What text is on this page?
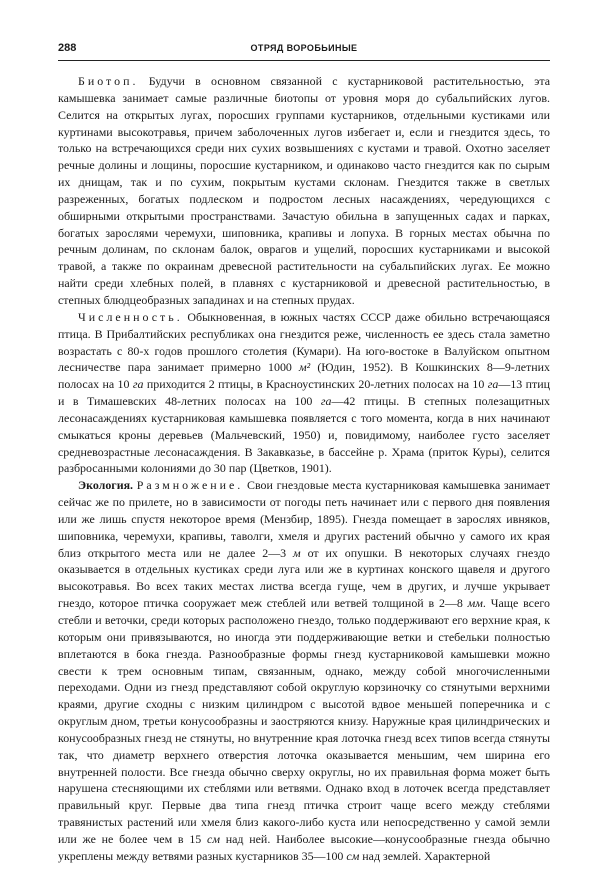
288	ОТРЯД ВОРОБЬИНЫЕ

Биотоп. Будучи в основном связанной с кустарниковой растительностью, эта камышевка занимает самые различные биотопы от уровня моря до субальпийских лугов. Селится на открытых лугах, поросших группами кустарников, отдельными кустиками или куртинами высокотравья, причем заболоченных лугов избегает и, если и гнездится здесь, то только на встречающихся среди них сухих возвышениях с кустами и травой. Охотно заселяет речные долины и лощины, поросшие кустарником, и одинаково часто гнездится как по сырым их днищам, так и по сухим, покрытым кустами склонам. Гнездится также в светлых разреженных, богатых подлеском и подростом лесных насаждениях, чередующихся с обширными открытыми пространствами. Зачастую обильна в запущенных садах и парках, богатых зарослями черемухи, шиповника, крапивы и лопуха. В горных местах обычна по речным долинам, по склонам балок, оврагов и ущелий, поросших кустарниками и высокой травой, а также по окраинам древесной растительности на субальпийских лугах. Ее можно найти среди хлебных полей, в плавнях с кустарниковой и древесной растительностью, в степных блюдцеобразных западинах и на степных прудах.

Численность. Обыкновенная, в южных частях СССР даже обильно встречающаяся птица. В Прибалтийских республиках она гнездится реже, численность ее здесь стала заметно возрастать с 80-х годов прошлого столетия (Кумари). На юго-востоке в Валуйском опытном лесничестве пара занимает примерно 1000 м² (Юдин, 1952). В Кошкинских 8—9-летних полосах на 10 га приходится 2 птицы, в Красноустинских 20-летних полосах на 10 га—13 птиц и в Тимашевских 48-летних полосах на 100 га—42 птицы. В степных полезащитных лесонасаждениях кустарниковая камышевка появляется с того момента, когда в них начинают смыкаться кроны деревьев (Мальчевский, 1950) и, повидимому, наиболее густо заселяет средневозрастные лесонасаждения. В Закавказье, в бассейне р. Храма (приток Куры), селится разбросанными колониями до 30 пар (Цветков, 1901).

Экология. Размножение. Свои гнездовые места кустарниковая камышевка занимает сейчас же по прилете, но в зависимости от погоды петь начинает или с первого дня появления или же лишь спустя некоторое время (Мензбир, 1895). Гнезда помещает в зарослях ивняков, шиповника, черемухи, крапивы, таволги, хмеля и других растений обычно у самого их края близ открытого места или не далее 2—3 м от их опушки. В некоторых случаях гнездо оказывается в отдельных кустиках среди луга или же в куртинах конского щавеля и другого высокотравья. Во всех таких местах листва всегда гуще, чем в других, и лучше укрывает гнездо, которое птичка сооружает меж стеблей или ветвей толщиной в 2—8 мм. Чаще всего стебли и веточки, среди которых расположено гнездо, только поддерживают его верхние края, к которым они привязываются, но иногда эти поддерживающие ветки и стебельки полностью вплетаются в бока гнезда. Разнообразные формы гнезд кустарниковой камышевки можно свести к трем основным типам, связанным, однако, между собой многочисленными переходами. Одни из гнезд представляют собой округлую корзиночку со стянутыми верхними краями, другие сходны с низким цилиндром с высотой вдвое меньшей поперечника и с округлым дном, третьи конусообразны и заостряются книзу. Наружные края цилиндрических и конусообразных гнезд не стянуты, но внутренние края лоточка гнезд всех типов всегда стянуты так, что диаметр верхнего отверстия лоточка оказывается меньшим, чем ширина его внутренней полости. Все гнезда обычно сверху округлы, но их правильная форма может быть нарушена стесняющими их стеблями или ветвями. Однако вход в лоточек всегда представляет правильный круг. Первые два типа гнезд птичка строит чаще всего между стеблями травянистых растений или хмеля близ какого-либо куста или непосредственно у самой земли или же не более чем в 15 см над ней. Наиболее высокие—конусообразные гнезда обычно укреплены между ветвями разных кустарников 35—100 см над землей. Характерной
